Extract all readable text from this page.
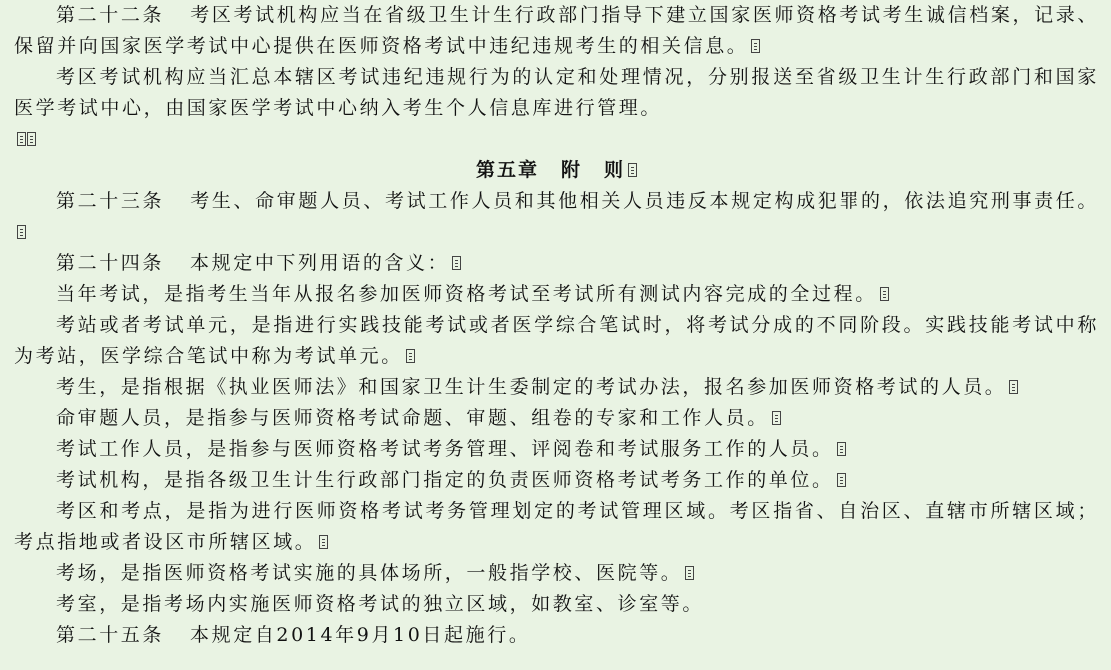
第二十二条 考区考试机构应当在省级卫生计生行政部门指导下建立国家医师资格考试考生诚信档案，记录、保留并向国家医学考试中心提供在医师资格考试中违纪违规考生的相关信息。

考区考试机构应当汇总本辖区考试违纪违规行为的认定和处理情况，分别报送至省级卫生计生行政部门和国家医学考试中心，由国家医学考试中心纳入考生个人信息库进行管理。

第五章 附 则

第二十三条 考生、命审题人员、考试工作人员和其他相关人员违反本规定构成犯罪的，依法追究刑事责任。

第二十四条 本规定中下列用语的含义：

当年考试，是指考生当年从报名参加医师资格考试至考试所有测试内容完成的全过程。

考站或者考试单元，是指进行实践技能考试或者医学综合笔试时，将考试分成的不同阶段。实践技能考试中称为考站，医学综合笔试中称为考试单元。

考生，是指根据《执业医师法》和国家卫生计生委制定的考试办法，报名参加医师资格考试的人员。

命审题人员，是指参与医师资格考试命题、审题、组卷的专家和工作人员。

考试工作人员，是指参与医师资格考试考务管理、评阅卷和考试服务工作的人员。

考试机构，是指各级卫生计生行政部门指定的负责医师资格考试考务工作的单位。

考区和考点，是指为进行医师资格考试考务管理划定的考试管理区域。考区指省、自治区、直辖市所辖区域；考点指地或者设区市所辖区域。

考场，是指医师资格考试实施的具体场所，一般指学校、医院等。

考室，是指考场内实施医师资格考试的独立区域，如教室、诊室等。

第二十五条 本规定自2014年9月10日起施行。
